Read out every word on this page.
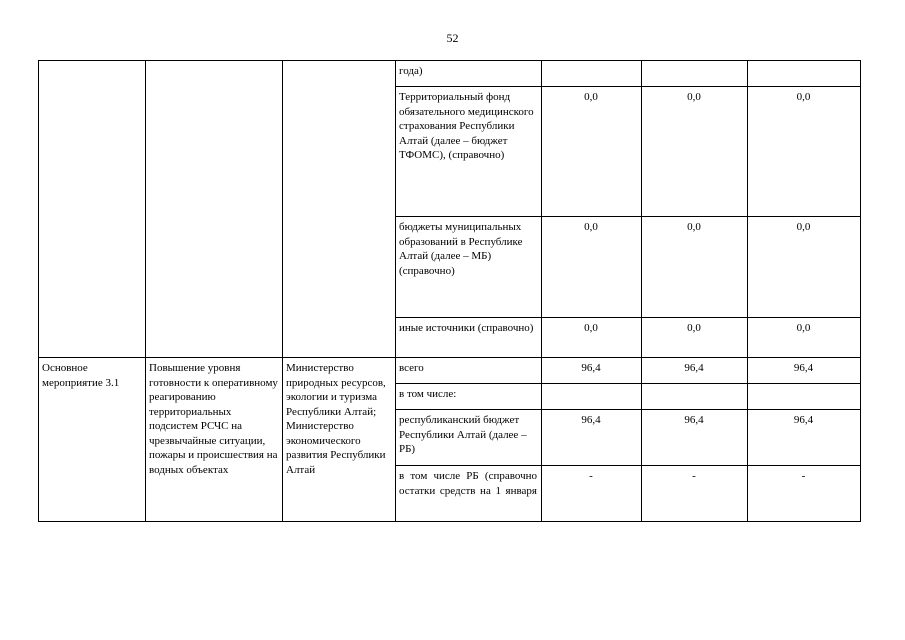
52
			года)			
			Территориальный фонд обязательного медицинского страхования Республики Алтай (далее – бюджет ТФОМС), (справочно)	0,0	0,0	0,0
			бюджеты муниципальных образований в Республике Алтай (далее – МБ) (справочно)	0,0	0,0	0,0
			иные источники (справочно)	0,0	0,0	0,0
Основное мероприятие 3.1	Повышение уровня готовности к оперативному реагированию территориальных подсистем РСЧС на чрезвычайные ситуации, пожары и происшествия на водных объектах	Министерство природных ресурсов, экологии и туризма Республики Алтай; Министерство экономического развития Республики Алтай	всего	96,4	96,4	96,4
			в том числе:			
			республиканский бюджет Республики Алтай (далее – РБ)	96,4	96,4	96,4
			в том числе РБ (справочно остатки средств на 1 января	-	-	-
